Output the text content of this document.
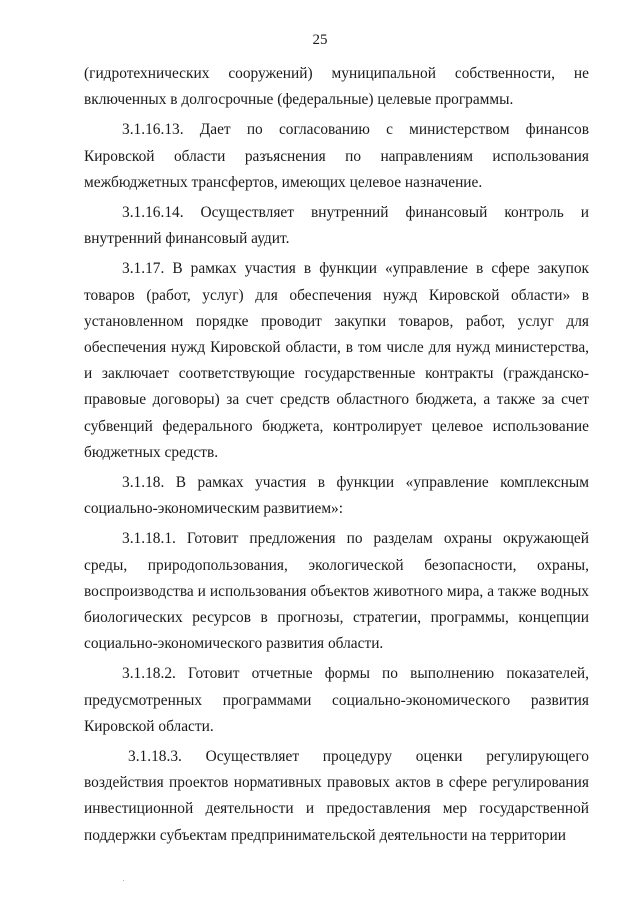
25

(гидротехнических сооружений) муниципальной собственности, не включенных в долгосрочные (федеральные) целевые программы.

3.1.16.13. Дает по согласованию с министерством финансов Кировской области разъяснения по направлениям использования межбюджетных трансфертов, имеющих целевое назначение.

3.1.16.14. Осуществляет внутренний финансовый контроль и внутренний финансовый аудит.

3.1.17. В рамках участия в функции «управление в сфере закупок товаров (работ, услуг) для обеспечения нужд Кировской области» в установленном порядке проводит закупки товаров, работ, услуг для обеспечения нужд Кировской области, в том числе для нужд министерства, и заключает соответствующие государственные контракты (гражданско-правовые договоры) за счет средств областного бюджета, а также за счет субвенций федерального бюджета, контролирует целевое использование бюджетных средств.

3.1.18. В рамках участия в функции «управление комплексным социально-экономическим развитием»:

3.1.18.1. Готовит предложения по разделам охраны окружающей среды, природопользования, экологической безопасности, охраны, воспроизводства и использования объектов животного мира, а также водных биологических ресурсов в прогнозы, стратегии, программы, концепции социально-экономического развития области.

3.1.18.2. Готовит отчетные формы по выполнению показателей, предусмотренных программами социально-экономического развития Кировской области.

3.1.18.3. Осуществляет процедуру оценки регулирующего воздействия проектов нормативных правовых актов в сфере регулирования инвестиционной деятельности и предоставления мер государственной поддержки субъектам предпринимательской деятельности на территории
